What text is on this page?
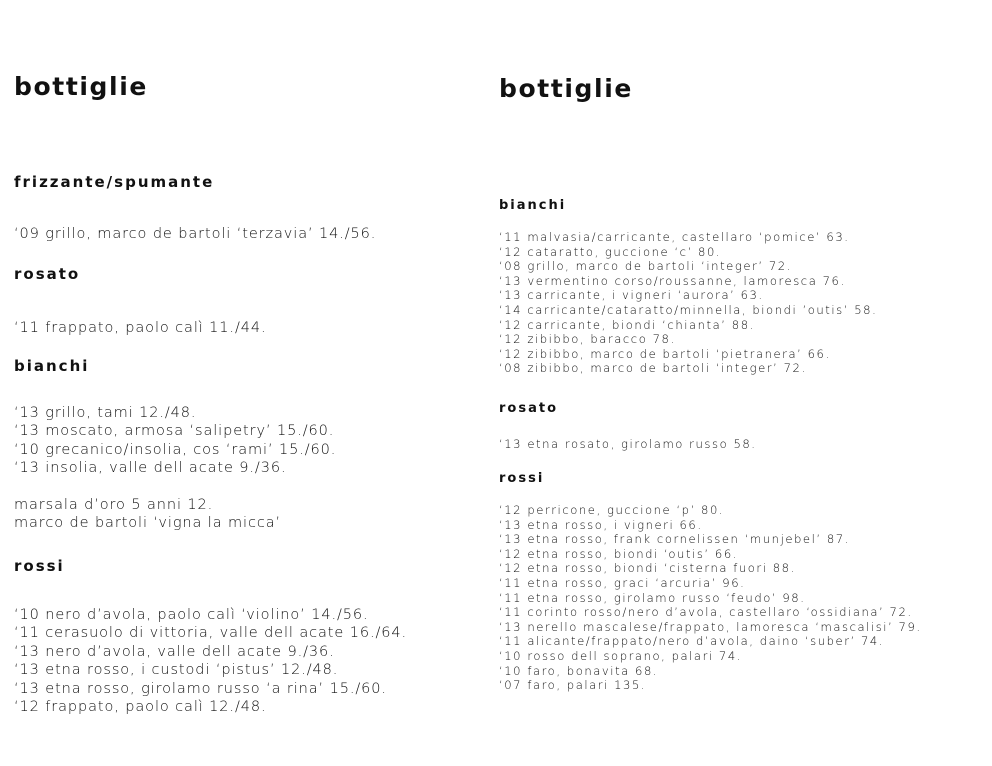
bottiglie
frizzante/spumante
‘09 grillo, marco de bartoli ‘terzavia’ 14./56.
rosato
‘11 frappato, paolo calì 11./44.
bianchi
‘13 grillo, tami 12./48.
‘13 moscato, armosa ‘salipetry’ 15./60.
‘10 grecanico/insolia, cos ‘rami’ 15./60.
‘13 insolia, valle dell acate 9./36.
marsala d’oro 5 anni 12.
marco de bartoli ‘vigna la micca’
rossi
‘10 nero d’avola, paolo calì ‘violino’ 14./56.
‘11 cerasuolo di vittoria, valle dell acate 16./64.
‘13 nero d’avola, valle dell acate 9./36.
‘13 etna rosso, i custodi ‘pistus’ 12./48.
‘13 etna rosso, girolamo russo ‘a rina’ 15./60.
‘12 frappato, paolo calì 12./48.
bottiglie
bianchi
‘11 malvasia/carricante, castellaro ‘pomice’ 63.
‘12 cataratto, guccione ‘c’ 80.
‘08 grillo, marco de bartoli ‘integer’ 72.
‘13 vermentino corso/roussanne, lamoresca 76.
‘13 carricante, i vigneri ‘aurora’ 63.
‘14 carricante/cataratto/minnella, biondi ’outis’ 58.
‘12 carricante, biondi ‘chianta’ 88.
‘12 zibibbo, baracco 78.
‘12 zibibbo, marco de bartoli ‘pietranera’ 66.
‘08 zibibbo, marco de bartoli ‘integer’ 72.
rosato
‘13 etna rosato, girolamo russo 58.
rossi
‘12 perricone, guccione ‘p’ 80.
‘13 etna rosso, i vigneri 66.
‘13 etna rosso, frank cornelissen ‘munjebel’ 87.
‘12 etna rosso, biondi ‘outis’ 66.
‘12 etna rosso, biondi ‘cisterna fuori 88.
‘11 etna rosso, graci ‘arcuria’ 96.
‘11 etna rosso, girolamo russo ‘feudo’ 98.
‘11 corinto rosso/nero d’avola, castellaro ‘ossidiana’ 72.
‘13 nerello mascalese/frappato, lamoresca ‘mascalisi’ 79.
‘11 alicante/frappato/nero d’avola, daino ‘suber’ 74.
‘10 rosso dell soprano, palari 74.
‘10 faro, bonavita 68.
‘07 faro, palari 135.
